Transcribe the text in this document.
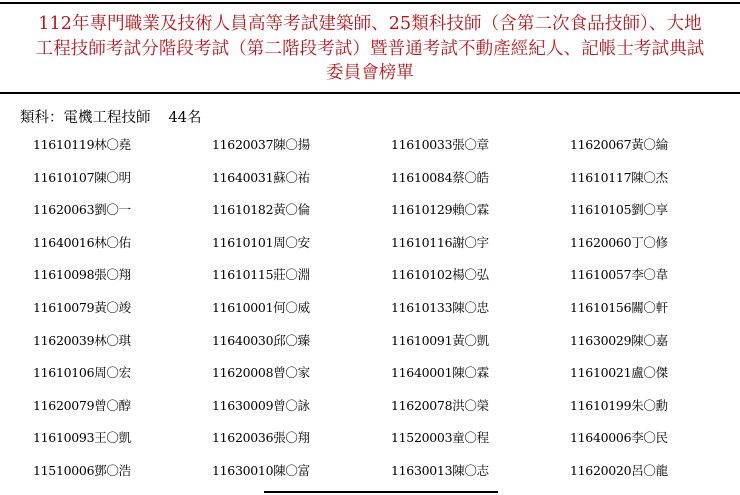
112年專門職業及技術人員高等考試建築師、25類科技師（含第二次食品技師）、大地
工程技師考試分階段考試（第二階段考試）暨普通考試不動產經紀人、記帳士考試典試
委員會榜單
類科：電機工程技師 44名
11610119林〇堯	11620037陳〇揚	11610033張〇章	11620067黃〇綸
11610107陳〇明	11640031蘇〇祐	11610084蔡〇皓	11610117陳〇杰
11620063劉〇一	11610182黃〇倫	11610129賴〇霖	11610105劉〇享
11640016林〇佑	11610101周〇安	11610116謝〇宇	11620060丁〇修
11610098張〇翔	11610115莊〇淵	11610102楊〇弘	11610057李〇韋
11610079黃〇竣	11610001何〇威	11610133陳〇忠	11610156關〇軒
11620039林〇琪	11640030邱〇臻	11610091黃〇凱	11630029陳〇嘉
11610106周〇宏	11620008曾〇家	11640001陳〇霖	11610021盧〇傑
11620079曾〇醇	11630009曾〇詠	11620078洪〇榮	11610199朱〇勳
11610093王〇凱	11620036張〇翔	11520003童〇程	11640006李〇民
11510006鄧〇浩	11630010陳〇富	11630013陳〇志	11620020呂〇龍
